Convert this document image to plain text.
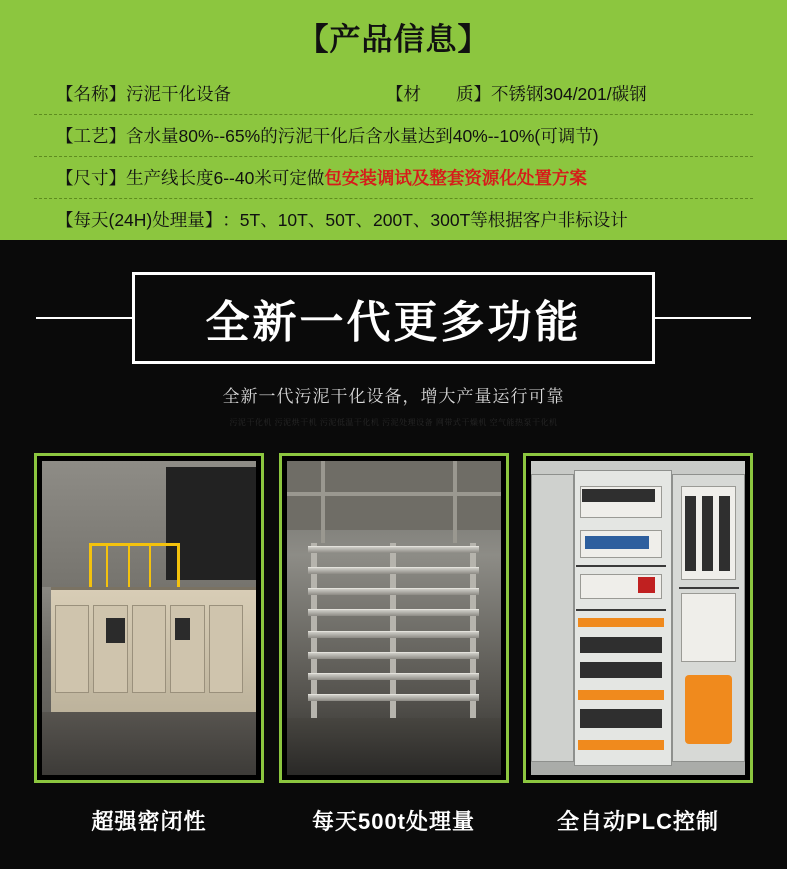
【产品信息】
【名称】 污泥干化设备	【材　　质】 不锈钢304/201/碳钢
【工艺】 含水量80%--65%的污泥干化后含水量达到40%--10%(可调节)
【尺寸】 生产线长度6--40米可定做 包安装调试及整套资源化处置方案
【每天(24H)处理量】 ：5T、10T、50T、200T、300T等根据客户非标设计
全新一代更多功能
全新一代污泥干化设备，增大产量运行可靠
污泥干化机 污泥烘干机 污泥低温干化机 污泥处理设备 网带式干燥机 空气能热泵干化机
超强密闭性	每天500t处理量	全自动PLC控制
